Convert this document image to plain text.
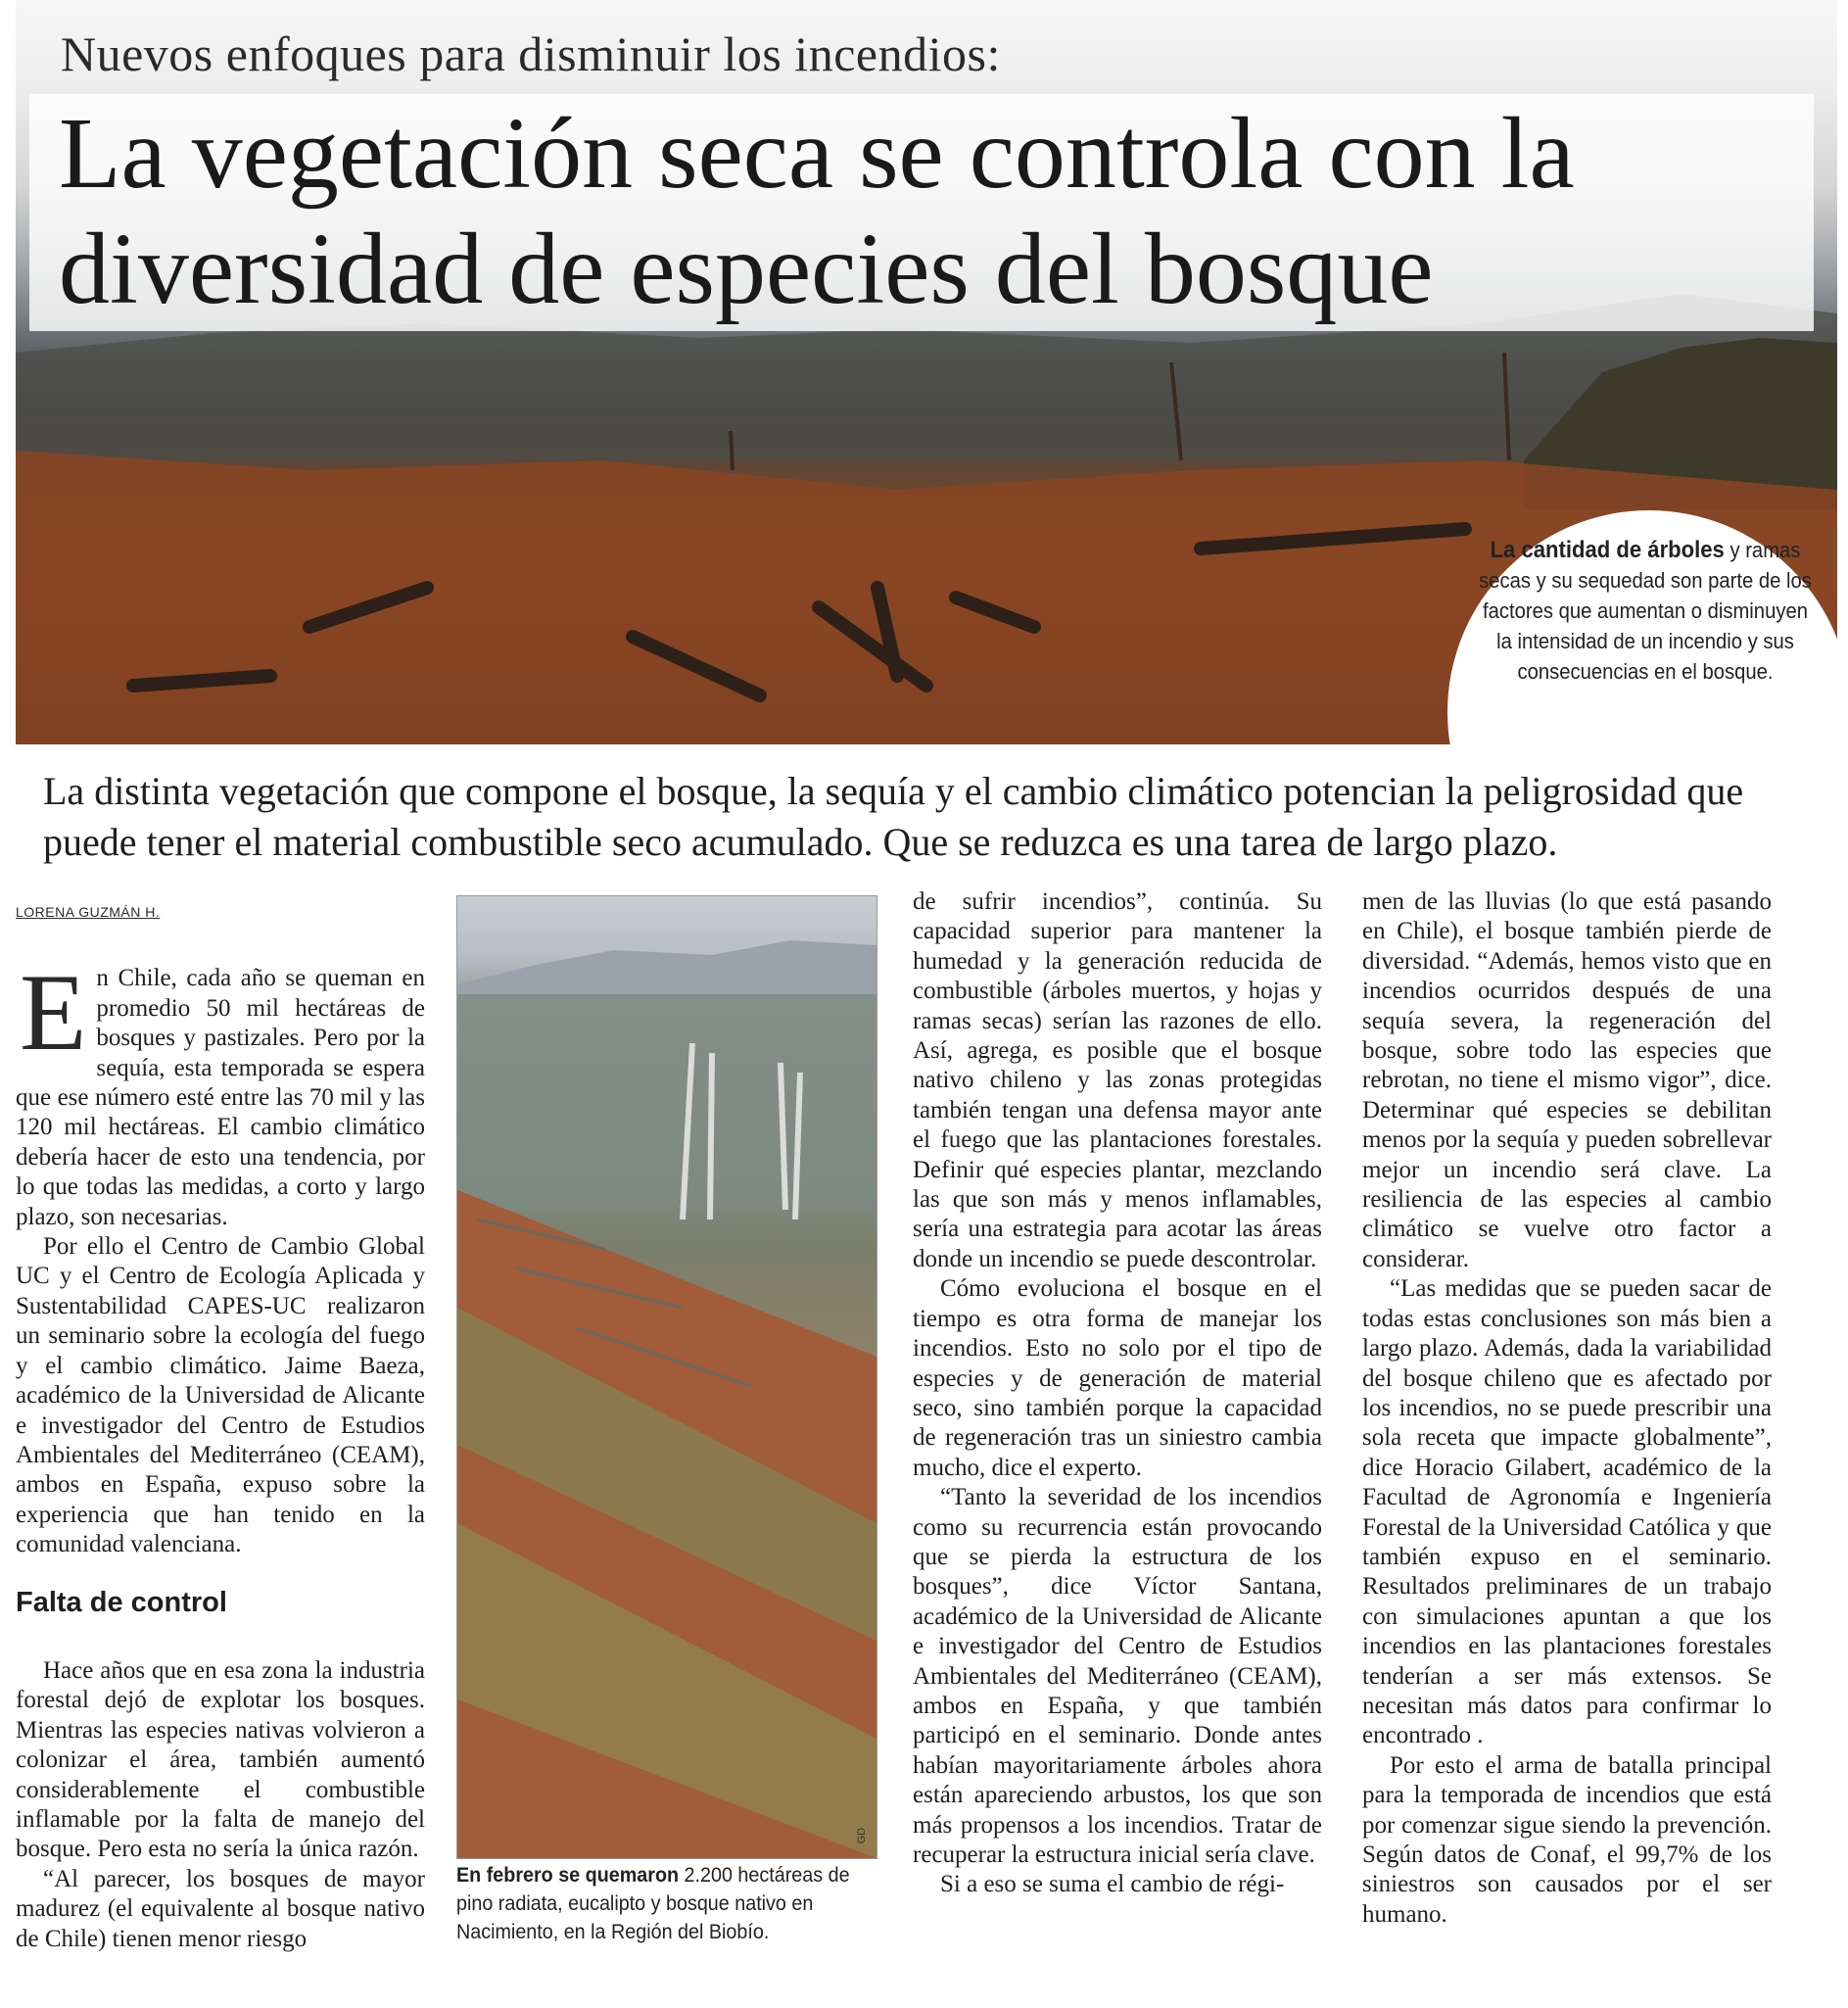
Nuevos enfoques para disminuir los incendios:
La vegetación seca se controla con la diversidad de especies del bosque
La cantidad de árboles y ramas secas y su sequedad son parte de los factores que aumentan o disminuyen la intensidad de un incendio y sus consecuencias en el bosque.

La distinta vegetación que compone el bosque, la sequía y el cambio climático potencian la peligrosidad que puede tener el material combustible seco acumulado. Que se reduzca es una tarea de largo plazo.

LORENA GUZMÁN H.

En Chile, cada año se queman en promedio 50 mil hectáreas de bosques y pastizales. Pero por la sequía, esta temporada se espera que ese número esté entre las 70 mil y las 120 mil hectáreas. El cambio climático debería hacer de esto una tendencia, por lo que todas las medidas, a corto y largo plazo, son necesarias.

Por ello el Centro de Cambio Global UC y el Centro de Ecología Aplicada y Sustentabilidad CAPES-UC realizaron un seminario sobre la ecología del fuego y el cambio climático. Jaime Baeza, académico de la Universidad de Alicante e investigador del Centro de Estudios Ambientales del Mediterráneo (CEAM), ambos en España, expuso sobre la experiencia que han tenido en la comunidad valenciana.

Falta de control

Hace años que en esa zona la industria forestal dejó de explotar los bosques. Mientras las especies nativas volvieron a colonizar el área, también aumentó considerablemente el combustible inflamable por la falta de manejo del bosque. Pero esta no sería la única razón.

“Al parecer, los bosques de mayor madurez (el equivalente al bosque nativo de Chile) tienen menor riesgo

GD

En febrero se quemaron 2.200 hectáreas de pino radiata, eucalipto y bosque nativo en Nacimiento, en la Región del Biobío.

de sufrir incendios”, continúa. Su capacidad superior para mantener la humedad y la generación reducida de combustible (árboles muertos, y hojas y ramas secas) serían las razones de ello. Así, agrega, es posible que el bosque nativo chileno y las zonas protegidas también tengan una defensa mayor ante el fuego que las plantaciones forestales. Definir qué especies plantar, mezclando las que son más y menos inflamables, sería una estrategia para acotar las áreas donde un incendio se puede descontrolar.

Cómo evoluciona el bosque en el tiempo es otra forma de manejar los incendios. Esto no solo por el tipo de especies y de generación de material seco, sino también porque la capacidad de regeneración tras un siniestro cambia mucho, dice el experto.

“Tanto la severidad de los incendios como su recurrencia están provocando que se pierda la estructura de los bosques”, dice Víctor Santana, académico de la Universidad de Alicante e investigador del Centro de Estudios Ambientales del Mediterráneo (CEAM), ambos en España, y que también participó en el seminario. Donde antes habían mayoritariamente árboles ahora están apareciendo arbustos, los que son más propensos a los incendios. Tratar de recuperar la estructura inicial sería clave.

Si a eso se suma el cambio de régi-

men de las lluvias (lo que está pasando en Chile), el bosque también pierde de diversidad. “Además, hemos visto que en incendios ocurridos después de una sequía severa, la regeneración del bosque, sobre todo las especies que rebrotan, no tiene el mismo vigor”, dice. Determinar qué especies se debilitan menos por la sequía y pueden sobrellevar mejor un incendio será clave. La resiliencia de las especies al cambio climático se vuelve otro factor a considerar.

“Las medidas que se pueden sacar de todas estas conclusiones son más bien a largo plazo. Además, dada la variabilidad del bosque chileno que es afectado por los incendios, no se puede prescribir una sola receta que impacte globalmente”, dice Horacio Gilabert, académico de la Facultad de Agronomía e Ingeniería Forestal de la Universidad Católica y que también expuso en el seminario. Resultados preliminares de un trabajo con simulaciones apuntan a que los incendios en las plantaciones forestales tenderían a ser más extensos. Se necesitan más datos para confirmar lo encontrado .

Por esto el arma de batalla principal para la temporada de incendios que está por comenzar sigue siendo la prevención. Según datos de Conaf, el 99,7% de los siniestros son causados por el ser humano.
